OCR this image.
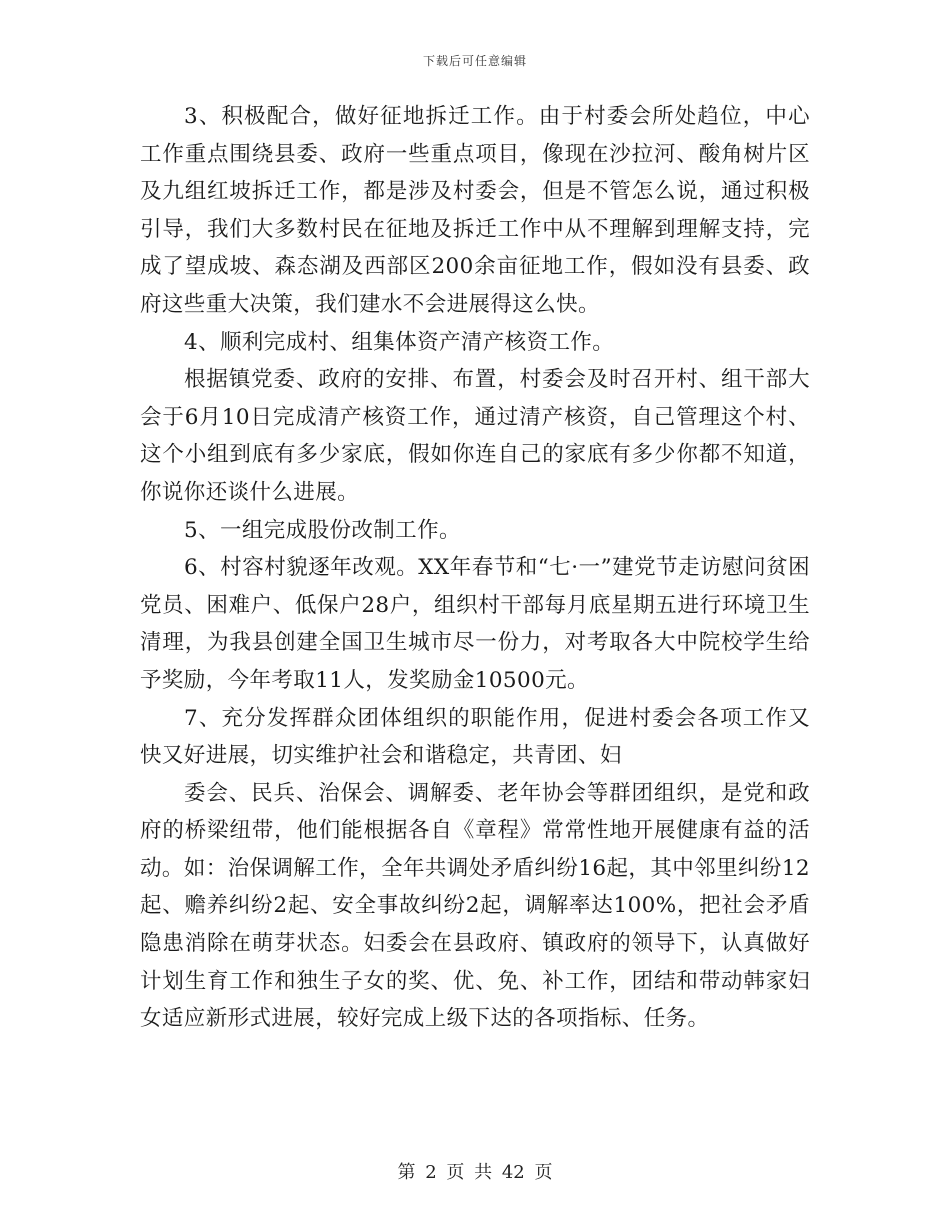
下载后可任意编辑

3、积极配合，做好征地拆迁工作。由于村委会所处趋位，中心工作重点围绕县委、政府一些重点项目，像现在沙拉河、酸角树片区及九组红坡拆迁工作，都是涉及村委会，但是不管怎么说，通过积极引导，我们大多数村民在征地及拆迁工作中从不理解到理解支持，完成了望成坡、森态湖及西部区200余亩征地工作，假如没有县委、政府这些重大决策，我们建水不会进展得这么快。

4、顺利完成村、组集体资产清产核资工作。

根据镇党委、政府的安排、布置，村委会及时召开村、组干部大会于6月10日完成清产核资工作，通过清产核资，自己管理这个村、这个小组到底有多少家底，假如你连自己的家底有多少你都不知道，你说你还谈什么进展。

5、一组完成股份改制工作。

6、村容村貌逐年改观。XX年春节和“七·一”建党节走访慰问贫困党员、困难户、低保户28户，组织村干部每月底星期五进行环境卫生清理，为我县创建全国卫生城市尽一份力，对考取各大中院校学生给予奖励，今年考取11人，发奖励金10500元。

7、充分发挥群众团体组织的职能作用，促进村委会各项工作又快又好进展，切实维护社会和谐稳定，共青团、妇

委会、民兵、治保会、调解委、老年协会等群团组织，是党和政府的桥梁纽带，他们能根据各自《章程》常常性地开展健康有益的活动。如：治保调解工作，全年共调处矛盾纠纷16起，其中邻里纠纷12起、赡养纠纷2起、安全事故纠纷2起，调解率达100%，把社会矛盾隐患消除在萌芽状态。妇委会在县政府、镇政府的领导下，认真做好计划生育工作和独生子女的奖、优、免、补工作，团结和带动韩家妇女适应新形式进展，较好完成上级下达的各项指标、任务。

第 2 页 共 42 页
